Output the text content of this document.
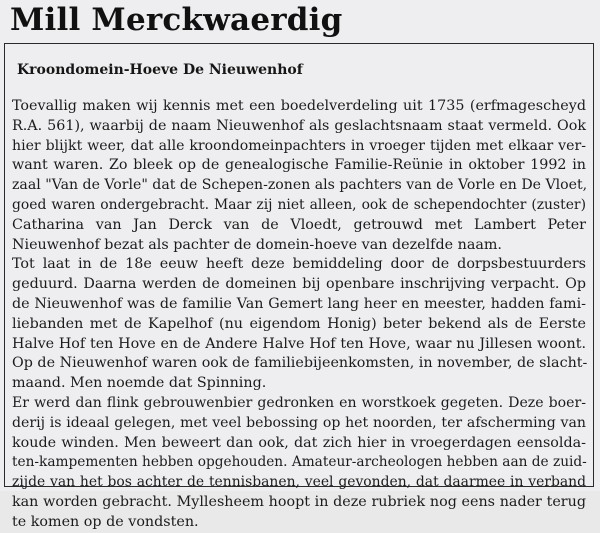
Mill Merckwaerdig
Kroondomein-Hoeve De Nieuwenhof
Toevallig maken wij kennis met een boedelverdeling uit 1735 (erfmagescheyd
R.A. 561), waarbij de naam Nieuwenhof als geslachtsnaam staat vermeld. Ook
hier blijkt weer, dat alle kroondomeinpachters in vroeger tijden met elkaar ver-
want waren. Zo bleek op de genealogische Familie-Reünie in oktober 1992 in
zaal "Van de Vorle" dat de Schepen-zonen als pachters van de Vorle en De Vloet,
goed waren ondergebracht. Maar zij niet alleen, ook de schependochter (zuster)
Catharina van Jan Derck van de Vloedt, getrouwd met Lambert Peter
Nieuwenhof bezat als pachter de domein-hoeve van dezelfde naam.
Tot laat in de 18e eeuw heeft deze bemiddeling door de dorpsbestuurders
geduurd. Daarna werden de domeinen bij openbare inschrijving verpacht. Op
de Nieuwenhof was de familie Van Gemert lang heer en meester, hadden fami-
liebanden met de Kapelhof (nu eigendom Honig) beter bekend als de Eerste
Halve Hof ten Hove en de Andere Halve Hof ten Hove, waar nu Jillesen woont.
Op de Nieuwenhof waren ook de familiebijeenkomsten, in november, de slacht-
maand. Men noemde dat Spinning.
Er werd dan flink gebrouwenbier gedronken en worstkoek gegeten. Deze boer-
derij is ideaal gelegen, met veel bebossing op het noorden, ter afscherming van
koude winden. Men beweert dan ook, dat zich hier in vroegerdagen eensolda-
ten-kampementen hebben opgehouden. Amateur-archeologen hebben aan de zuid-
zijde van het bos achter de tennisbanen, veel gevonden, dat daarmee in verband
kan worden gebracht. Myllesheem hoopt in deze rubriek nog eens nader terug
te komen op de vondsten.
